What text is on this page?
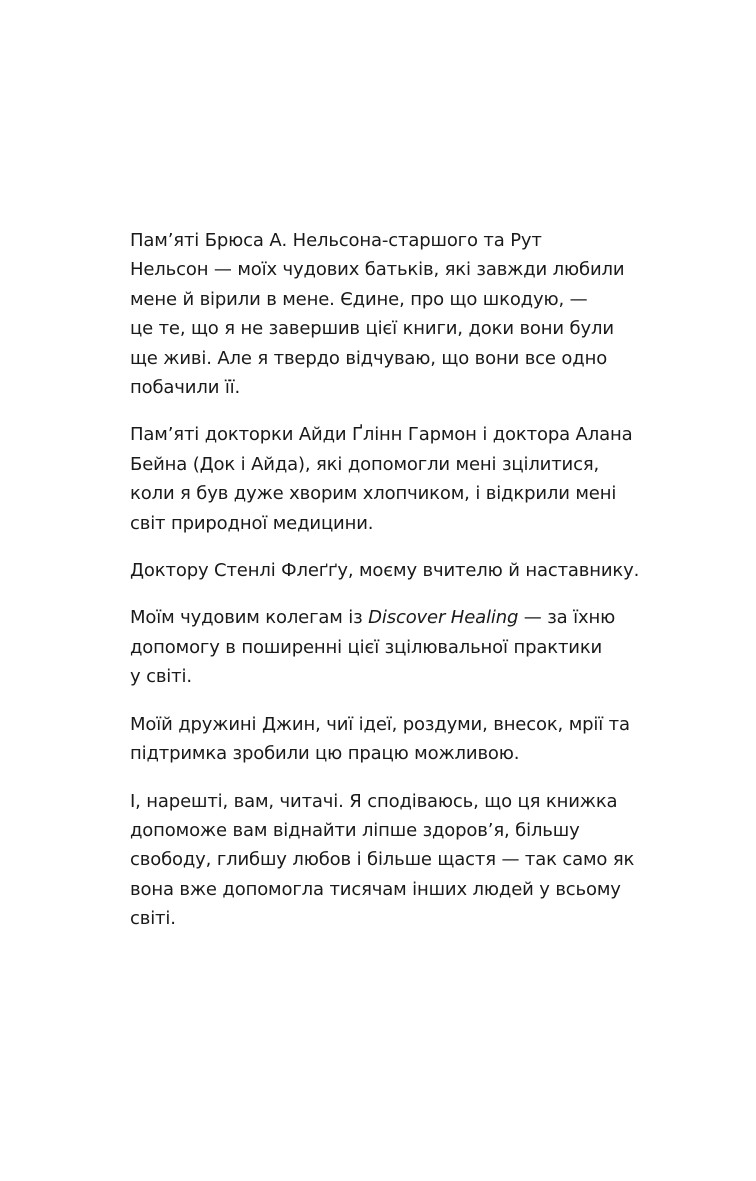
Пам’яті Брюса А. Нельсона-старшого та Рут
Нельсон — моїх чудових батьків, які завжди любили
мене й вірили в мене. Єдине, про що шкодую, —
це те, що я не завершив цієї книги, доки вони були
ще живі. Але я твердо відчуваю, що вони все одно
побачили її.

Пам’яті докторки Айди Ґлінн Гармон і доктора Алана
Бейна (Док і Айда), які допомогли мені зцілитися,
коли я був дуже хворим хлопчиком, і відкрили мені
світ природної медицини.

Доктору Стенлі Флеґґу, моєму вчителю й наставнику.

Моїм чудовим колегам із Discover Healing — за їхню
допомогу в поширенні цієї зцілювальної практики
у світі.

Моїй дружині Джин, чиї ідеї, роздуми, внесок, мрії та
підтримка зробили цю працю можливою.

І, нарешті, вам, читачі. Я сподіваюсь, що ця книжка
допоможе вам віднайти ліпше здоров’я, більшу
свободу, глибшу любов і більше щастя — так само як
вона вже допомогла тисячам інших людей у всьому
світі.
